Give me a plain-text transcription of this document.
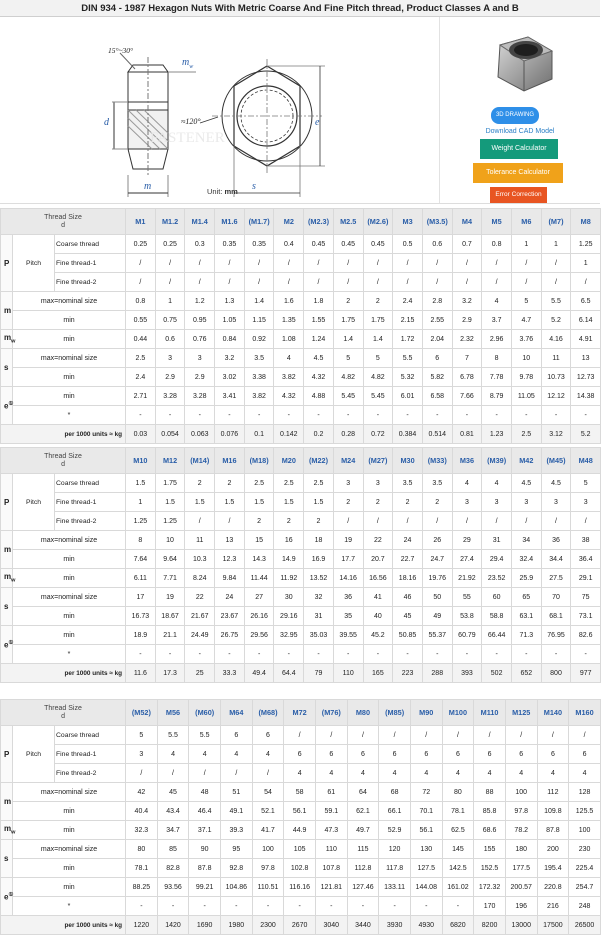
DIN 934 - 1987 Hexagon Nuts With Metric Coarse And Fine Pitch thread, Product Classes A and B
FASTENER
15°~30°
$m_w$
d	≈120°	e
m	s
Unit: mm
3D DRAWING
Download CAD Model
Weight Calculator
Tolerance Calculator
Error Correction
Thread Size
d			M1	M1.2	M1.4	M1.6	(M1.7)	M2	(M2.3)	M2.5	(M2.6)	M3	(M3.5)	M4	M5	M6	(M7)	M8
P	Pitch	Coarse thread	0.25	0.25	0.3	0.35	0.35	0.4	0.45	0.45	0.45	0.5	0.6	0.7	0.8	1	1	1.25
		Fine thread-1	/	/	/	/	/	/	/	/	/	/	/	/	/	/	/	1
		Fine thread-2	/	/	/	/	/	/	/	/	/	/	/	/	/	/	/	/
m	max=nominal size		0.8	1	1.2	1.3	1.4	1.6	1.8	2	2	2.4	2.8	3.2	4	5	5.5	6.5
	min		0.55	0.75	0.95	1.05	1.15	1.35	1.55	1.75	1.75	2.15	2.55	2.9	3.7	4.7	5.2	6.14
$m_w$	min		0.44	0.6	0.76	0.84	0.92	1.08	1.24	1.4	1.4	1.72	2.04	2.32	2.96	3.76	4.16	4.91
s	max=nominal size		2.5	3	3	3.2	3.5	4	4.5	5	5	5.5	6	7	8	10	11	13
	min		2.4	2.9	2.9	3.02	3.38	3.82	4.32	4.82	4.82	5.32	5.82	6.78	7.78	9.78	10.73	12.73
e①	min		2.71	3.28	3.28	3.41	3.82	4.32	4.88	5.45	5.45	6.01	6.58	7.66	8.79	11.05	12.12	14.38
	*		-	-	-	-	-	-	-	-	-	-	-	-	-	-	-	-
per 1000 units ≈ kg			0.03	0.054	0.063	0.076	0.1	0.142	0.2	0.28	0.72	0.384	0.514	0.81	1.23	2.5	3.12	5.2
Thread Size
d			M10	M12	(M14)	M16	(M18)	M20	(M22)	M24	(M27)	M30	(M33)	M36	(M39)	M42	(M45)	M48
P	Pitch	Coarse thread	1.5	1.75	2	2	2.5	2.5	2.5	3	3	3.5	3.5	4	4	4.5	4.5	5
		Fine thread-1	1	1.5	1.5	1.5	1.5	1.5	1.5	2	2	2	2	3	3	3	3	3
		Fine thread-2	1.25	1.25	/	/	2	2	2	/	/	/	/	/	/	/	/	/
m	max=nominal size		8	10	11	13	15	16	18	19	22	24	26	29	31	34	36	38
	min		7.64	9.64	10.3	12.3	14.3	14.9	16.9	17.7	20.7	22.7	24.7	27.4	29.4	32.4	34.4	36.4
$m_w$	min		6.11	7.71	8.24	9.84	11.44	11.92	13.52	14.16	16.56	18.16	19.76	21.92	23.52	25.9	27.5	29.1
s	max=nominal size		17	19	22	24	27	30	32	36	41	46	50	55	60	65	70	75
	min		16.73	18.67	21.67	23.67	26.16	29.16	31	35	40	45	49	53.8	58.8	63.1	68.1	73.1
e①	min		18.9	21.1	24.49	26.75	29.56	32.95	35.03	39.55	45.2	50.85	55.37	60.79	66.44	71.3	76.95	82.6
	*		-	-	-	-	-	-	-	-	-	-	-	-	-	-	-	-
per 1000 units ≈ kg			11.6	17.3	25	33.3	49.4	64.4	79	110	165	223	288	393	502	652	800	977
Thread Size
d			(M52)	M56	(M60)	M64	(M68)	M72	(M76)	M80	(M85)	M90	M100	M110	M125	M140	M160
P	Pitch	Coarse thread	5	5.5	5.5	6	6	/	/	/	/	/	/	/	/	/	/
		Fine thread-1	3	4	4	4	4	6	6	6	6	6	6	6	6	6	6
		Fine thread-2	/	/	/	/	/	4	4	4	4	4	4	4	4	4	4
m	max=nominal size		42	45	48	51	54	58	61	64	68	72	80	88	100	112	128
	min		40.4	43.4	46.4	49.1	52.1	56.1	59.1	62.1	66.1	70.1	78.1	85.8	97.8	109.8	125.5
$m_w$	min		32.3	34.7	37.1	39.3	41.7	44.9	47.3	49.7	52.9	56.1	62.5	68.6	78.2	87.8	100
s	max=nominal size		80	85	90	95	100	105	110	115	120	130	145	155	180	200	230
	min		78.1	82.8	87.8	92.8	97.8	102.8	107.8	112.8	117.8	127.5	142.5	152.5	177.5	195.4	225.4
e①	min		88.25	93.56	99.21	104.86	110.51	116.16	121.81	127.46	133.11	144.08	161.02	172.32	200.57	220.8	254.7
	*		-	-	-	-	-	-	-	-	-	-	-	170	196	216	248
per 1000 units ≈ kg			1220	1420	1690	1980	2300	2670	3040	3440	3930	4930	6820	8200	13000	17500	26500
